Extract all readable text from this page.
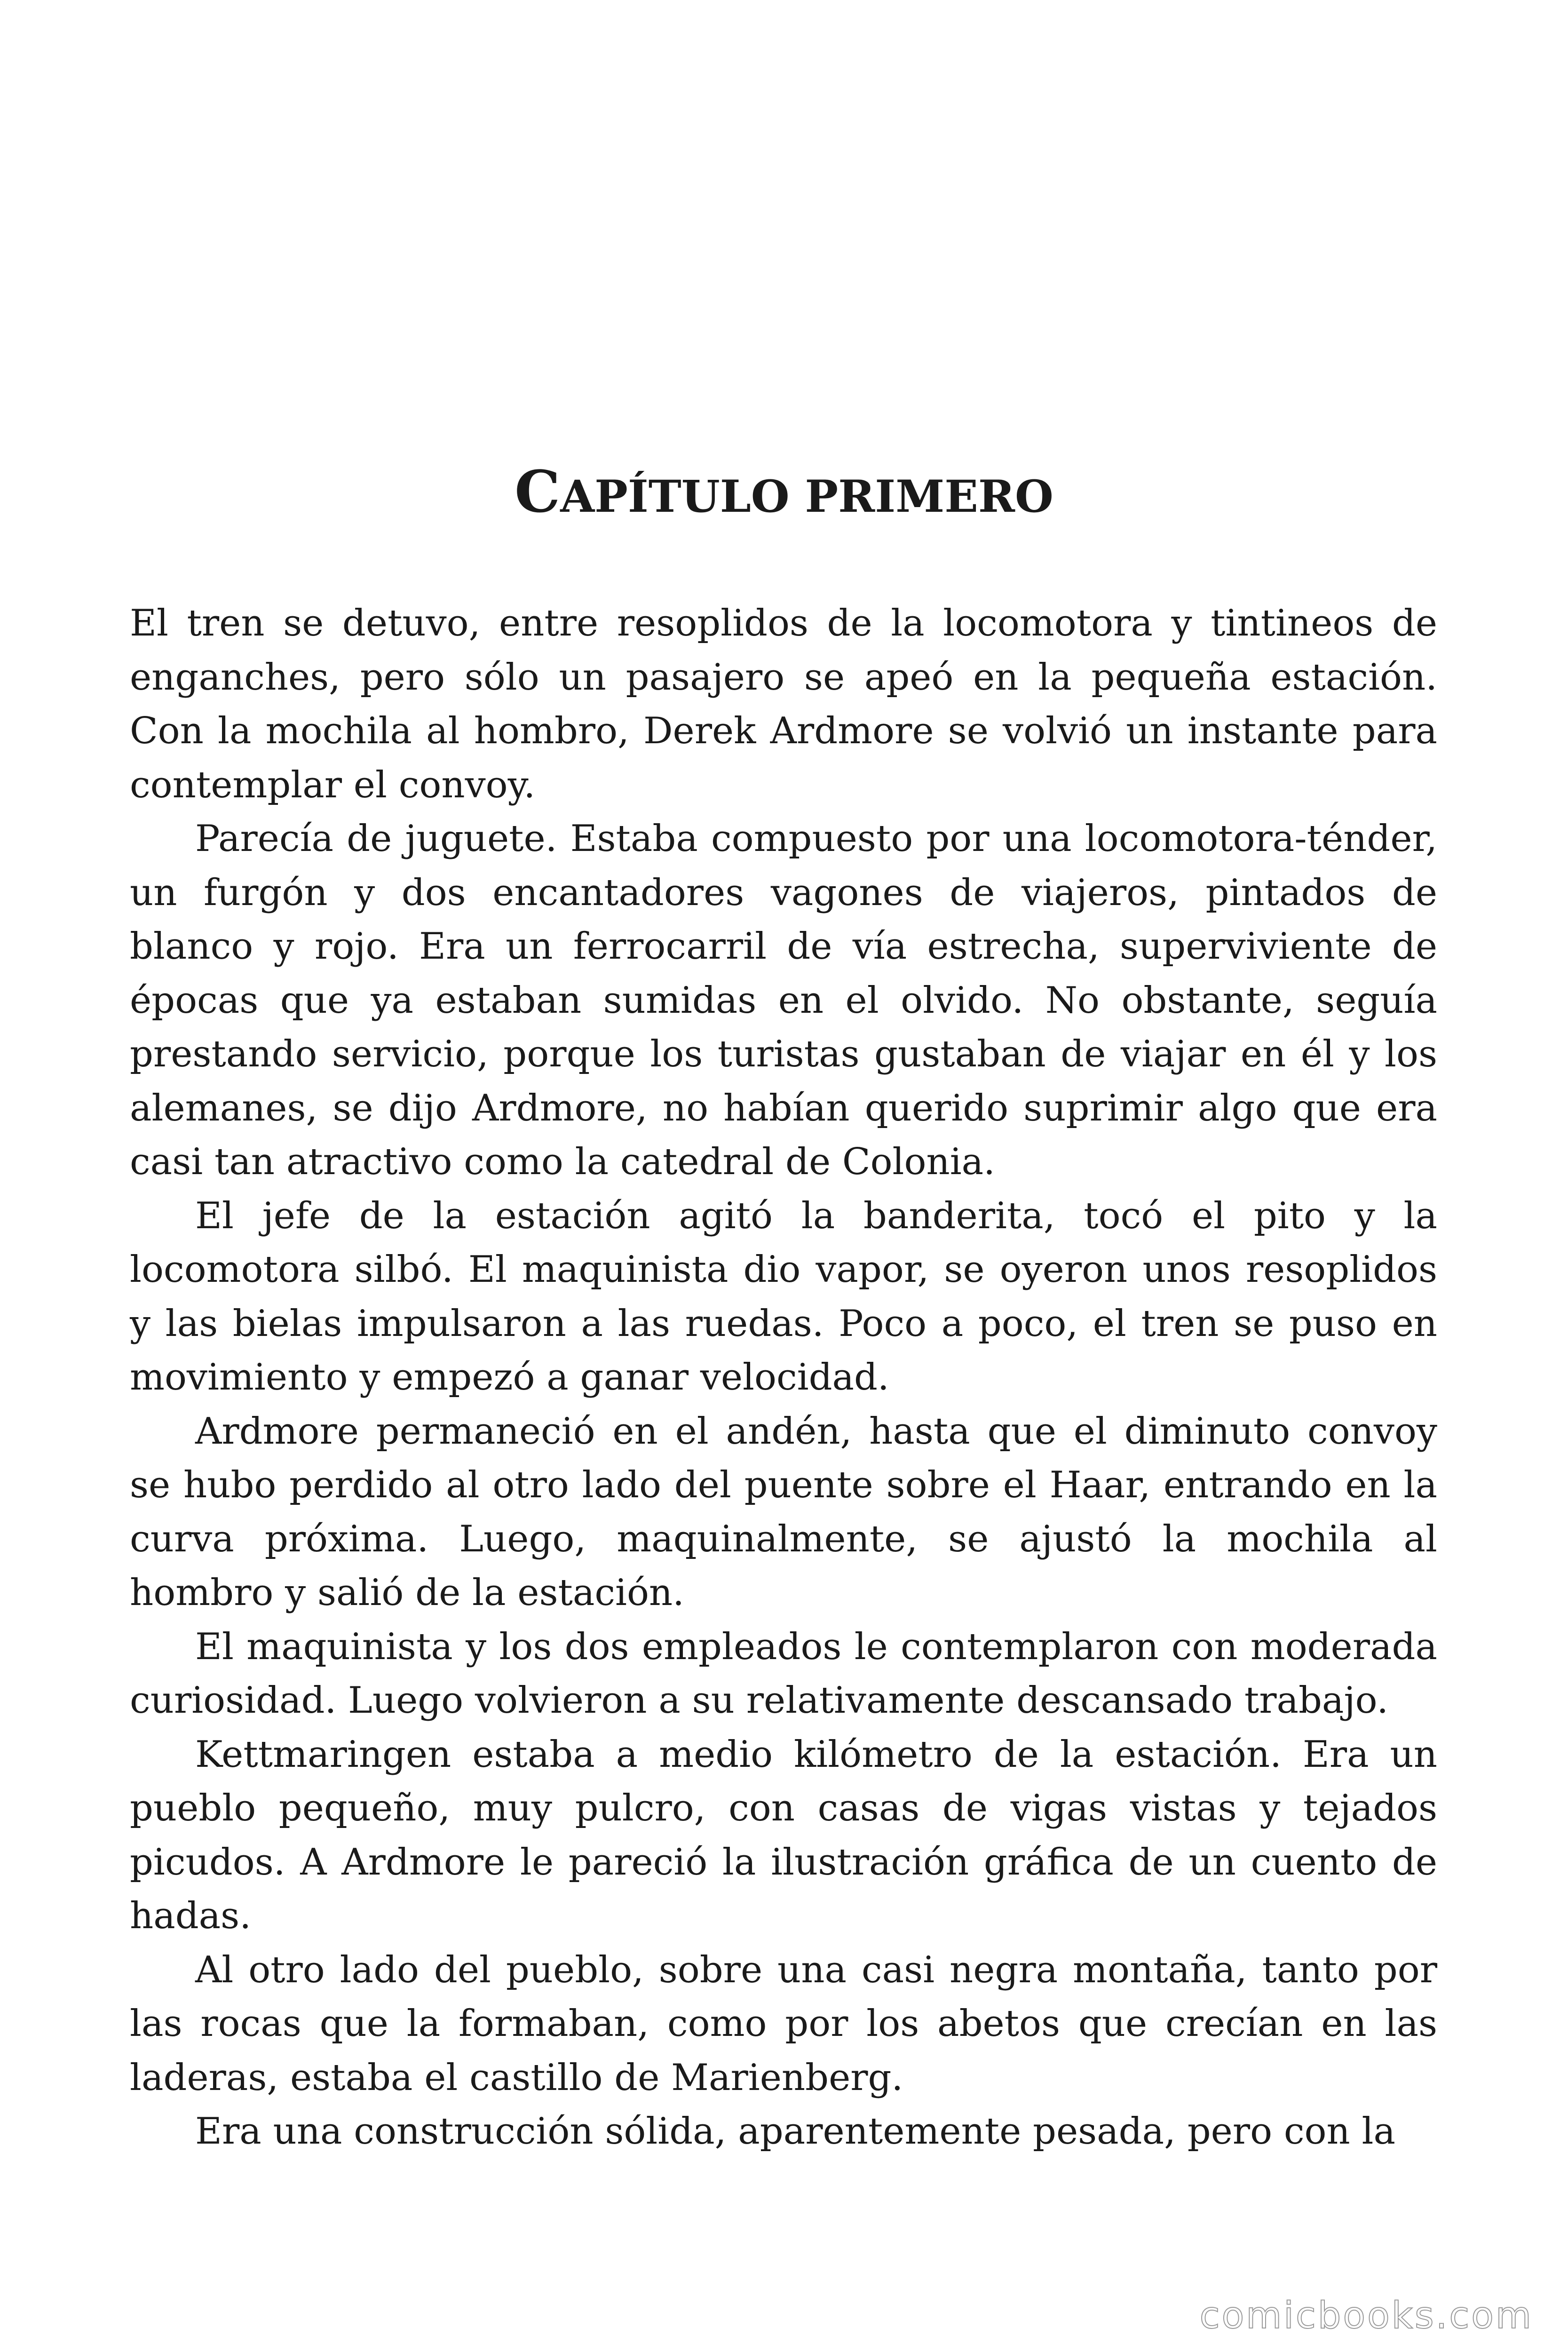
CAPÍTULO PRIMERO

El tren se detuvo, entre resoplidos de la locomotora y tintineos de enganches, pero sólo un pasajero se apeó en la pequeña estación. Con la mochila al hombro, Derek Ardmore se volvió un instante para contemplar el convoy.

Parecía de juguete. Estaba compuesto por una locomotora-ténder, un furgón y dos encantadores vagones de viajeros, pintados de blanco y rojo. Era un ferrocarril de vía estrecha, superviviente de épocas que ya estaban sumidas en el olvido. No obstante, seguía prestando servicio, porque los turistas gustaban de viajar en él y los alemanes, se dijo Ardmore, no habían querido suprimir algo que era casi tan atractivo como la catedral de Colonia.

El jefe de la estación agitó la banderita, tocó el pito y la locomotora silbó. El maquinista dio vapor, se oyeron unos resoplidos y las bielas impulsaron a las ruedas. Poco a poco, el tren se puso en movimiento y empezó a ganar velocidad.

Ardmore permaneció en el andén, hasta que el diminuto convoy se hubo perdido al otro lado del puente sobre el Haar, entrando en la curva próxima. Luego, maquinalmente, se ajustó la mochila al hombro y salió de la estación.

El maquinista y los dos empleados le contemplaron con moderada curiosidad. Luego volvieron a su relativamente descansado trabajo.

Kettmaringen estaba a medio kilómetro de la estación. Era un pueblo pequeño, muy pulcro, con casas de vigas vistas y tejados picudos. A Ardmore le pareció la ilustración gráfica de un cuento de hadas.

Al otro lado del pueblo, sobre una casi negra montaña, tanto por las rocas que la formaban, como por los abetos que crecían en las laderas, estaba el castillo de Marienberg.

Era una construcción sólida, aparentemente pesada, pero con la

comicbooks.com
